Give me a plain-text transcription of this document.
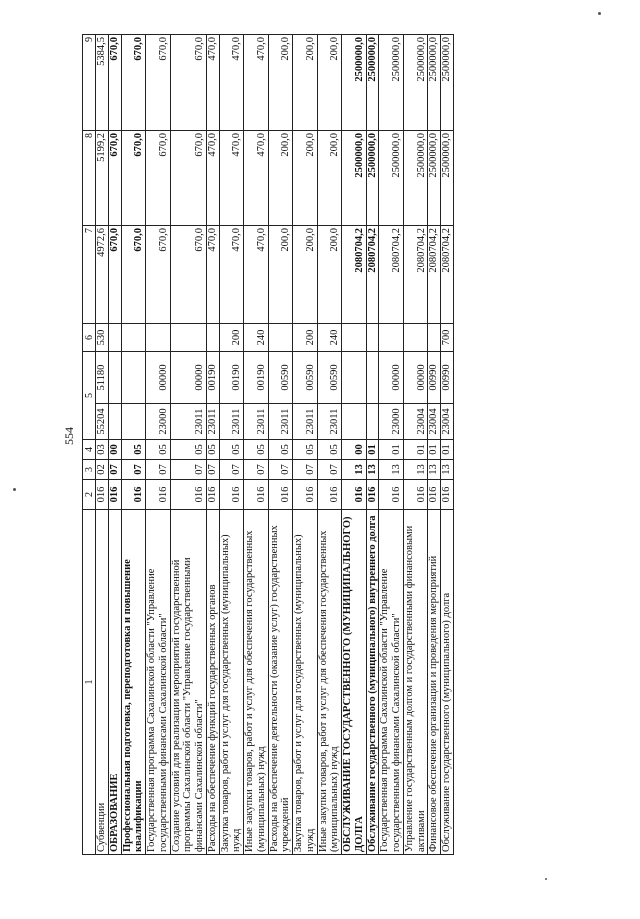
554
1	2	3	4	5		6	7	8	9
Субвенции	016	02	03	55204	51180	530	4972,6	5199,2	5384,5
ОБРАЗОВАНИЕ	016	07	00				670,0	670,0	670,0
Профессиональная подготовка, переподготовка и повышение квалификации	016	07	05				670,0	670,0	670,0
Государственная программа Сахалинской области "Управление государственными финансами Сахалинской области"	016	07	05	23000	00000		670,0	670,0	670,0
Создание условий для реализации мероприятий государственной программы Сахалинской области "Управление государственными финансами Сахалинской области"	016	07	05	23011	00000		670,0	670,0	670,0
Расходы на обеспечение функций государственных органов	016	07	05	23011	00190		470,0	470,0	470,0
Закупка товаров, работ и услуг для государственных (муниципальных) нужд	016	07	05	23011	00190	200	470,0	470,0	470,0
Иные закупки товаров, работ и услуг для обеспечения государственных (муниципальных) нужд	016	07	05	23011	00190	240	470,0	470,0	470,0
Расходы на обеспечение деятельности (оказание услуг) государственных учреждений	016	07	05	23011	00590		200,0	200,0	200,0
Закупка товаров, работ и услуг для государственных (муниципальных) нужд	016	07	05	23011	00590	200	200,0	200,0	200,0
Иные закупки товаров, работ и услуг для обеспечения государственных (муниципальных) нужд	016	07	05	23011	00590	240	200,0	200,0	200,0
ОБСЛУЖИВАНИЕ ГОСУДАРСТВЕННОГО (МУНИЦИПАЛЬНОГО) ДОЛГА	016	13	00				2080704,2	2500000,0	2500000,0
Обслуживание государственного (муниципального) внутреннего долга	016	13	01				2080704,2	2500000,0	2500000,0
Государственная программа Сахалинской области "Управление государственными финансами Сахалинской области"	016	13	01	23000	00000		2080704,2	2500000,0	2500000,0
Управление государственным долгом и государственными финансовыми активами	016	13	01	23004	00000		2080704,2	2500000,0	2500000,0
Финансовое обеспечение организации и проведения мероприятий	016	13	01	23004	00990		2080704,2	2500000,0	2500000,0
Обслуживание государственного (муниципального) долга	016	13	01	23004	00990	700	2080704,2	2500000,0	2500000,0
